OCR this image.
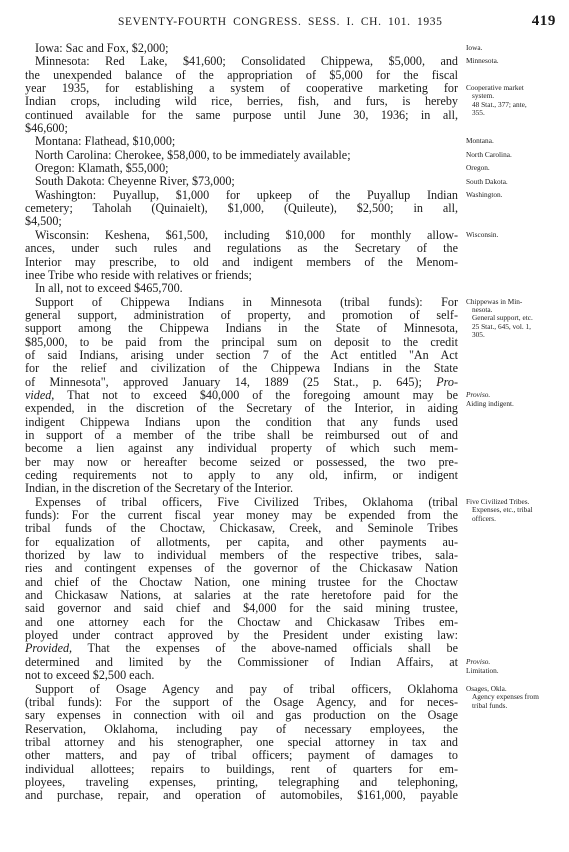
SEVENTY-FOURTH CONGRESS. SESS. I. CH. 101. 1935	419
Iowa: Sac and Fox, $2,000;
Minnesota: Red Lake, $41,600; Consolidated Chippewa, $5,000, and
the unexpended balance of the appropriation of $5,000 for the fiscal
year 1935, for establishing a system of cooperative marketing for
Indian crops, including wild rice, berries, fish, and furs, is hereby
continued available for the same purpose until June 30, 1936; in all,
$46,600;
Montana: Flathead, $10,000;
North Carolina: Cherokee, $58,000, to be immediately available;
Oregon: Klamath, $55,000;
South Dakota: Cheyenne River, $73,000;
Washington: Puyallup, $1,000 for upkeep of the Puyallup Indian
cemetery; Taholah (Quinaielt), $1,000, (Quileute), $2,500; in all,
$4,500;
Wisconsin: Keshena, $61,500, including $10,000 for monthly allow-
ances, under such rules and regulations as the Secretary of the
Interior may prescribe, to old and indigent members of the Menom-
inee Tribe who reside with relatives or friends;
In all, not to exceed $465,700.
Support of Chippewa Indians in Minnesota (tribal funds): For
general support, administration of property, and promotion of self-
support among the Chippewa Indians in the State of Minnesota,
$85,000, to be paid from the principal sum on deposit to the credit
of said Indians, arising under section 7 of the Act entitled "An Act
for the relief and civilization of the Chippewa Indians in the State
of Minnesota", approved January 14, 1889 (25 Stat., p. 645); Pro-
vided, That not to exceed $40,000 of the foregoing amount may be
expended, in the discretion of the Secretary of the Interior, in aiding
indigent Chippewa Indians upon the condition that any funds used
in support of a member of the tribe shall be reimbursed out of and
become a lien against any individual property of which such mem-
ber may now or hereafter become seized or possessed, the two pre-
ceding requirements not to apply to any old, infirm, or indigent
Indian, in the discretion of the Secretary of the Interior.
Expenses of tribal officers, Five Civilized Tribes, Oklahoma (tribal
funds): For the current fiscal year money may be expended from the
tribal funds of the Choctaw, Chickasaw, Creek, and Seminole Tribes
for equalization of allotments, per capita, and other payments au-
thorized by law to individual members of the respective tribes, sala-
ries and contingent expenses of the governor of the Chickasaw Nation
and chief of the Choctaw Nation, one mining trustee for the Choctaw
and Chickasaw Nations, at salaries at the rate heretofore paid for the
said governor and said chief and $4,000 for the said mining trustee,
and one attorney each for the Choctaw and Chickasaw Tribes em-
ployed under contract approved by the President under existing law:
Provided, That the expenses of the above-named officials shall be
determined and limited by the Commissioner of Indian Affairs, at
not to exceed $2,500 each.
Support of Osage Agency and pay of tribal officers, Oklahoma
(tribal funds): For the support of the Osage Agency, and for neces-
sary expenses in connection with oil and gas production on the Osage
Reservation, Oklahoma, including pay of necessary employees, the
tribal attorney and his stenographer, one special attorney in tax and
other matters, and pay of tribal officers; payment of damages to
individual allottees; repairs to buildings, rent of quarters for em-
ployees, traveling expenses, printing, telegraphing and telephoning,
and purchase, repair, and operation of automobiles, $161,000, payable
Iowa.
Minnesota.
Cooperative market
system.
48 Stat., 377; ante,
355.
Montana.
North Carolina.
Oregon.
South Dakota.
Washington.
Wisconsin.
Chippewas in Min-
nesota.
General support, etc.
25 Stat., 645, vol. 1,
305.
Proviso.
Aiding indigent.
Five Civilized Tribes.
Expenses, etc., tribal
officers.
Proviso.
Limitation.
Osages, Okla.
Agency expenses from
tribal funds.
